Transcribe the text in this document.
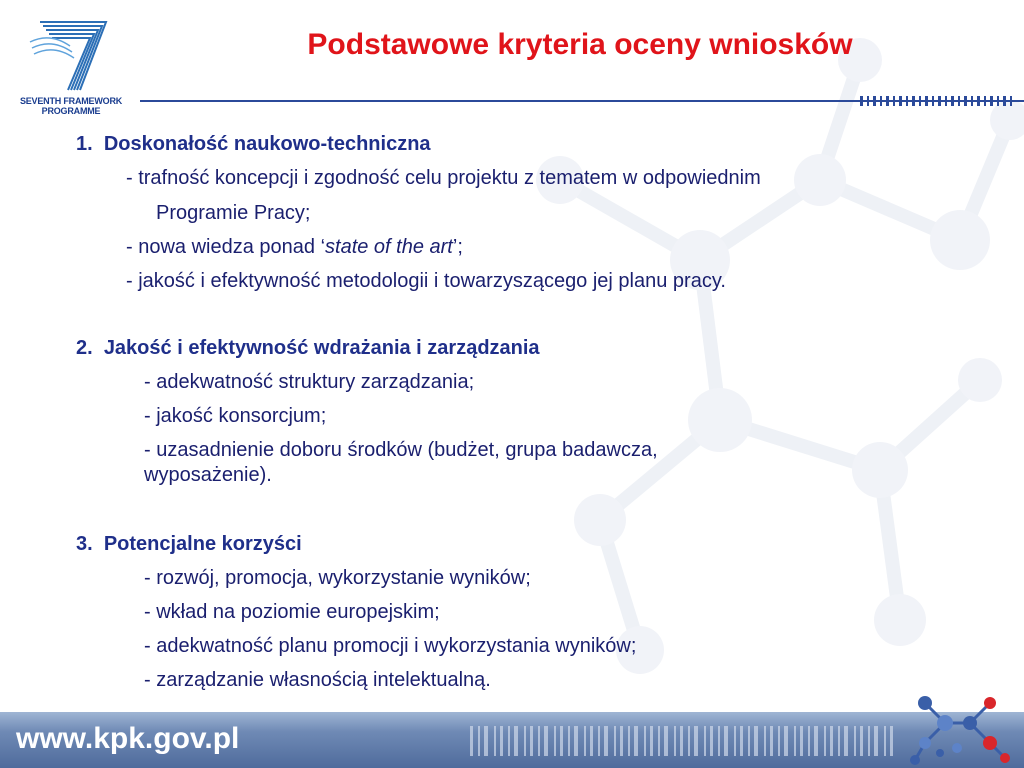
SEVENTH FRAMEWORK
PROGRAMME
Podstawowe kryteria oceny wniosków
1. Doskonałość naukowo-techniczna
- trafność koncepcji i zgodność celu projektu z tematem w odpowiednim
Programie Pracy;
- nowa wiedza ponad ‘state of the art’;
- jakość i efektywność metodologii i towarzyszącego jej planu pracy.
2. Jakość i efektywność wdrażania i zarządzania
- adekwatność struktury zarządzania;
- jakość konsorcjum;
- uzasadnienie doboru środków (budżet, grupa badawcza,
wyposażenie).
3. Potencjalne korzyści
- rozwój, promocja, wykorzystanie wyników;
- wkład na poziomie europejskim;
- adekwatność planu promocji i wykorzystania wyników;
- zarządzanie własnością intelektualną.
www.kpk.gov.pl
